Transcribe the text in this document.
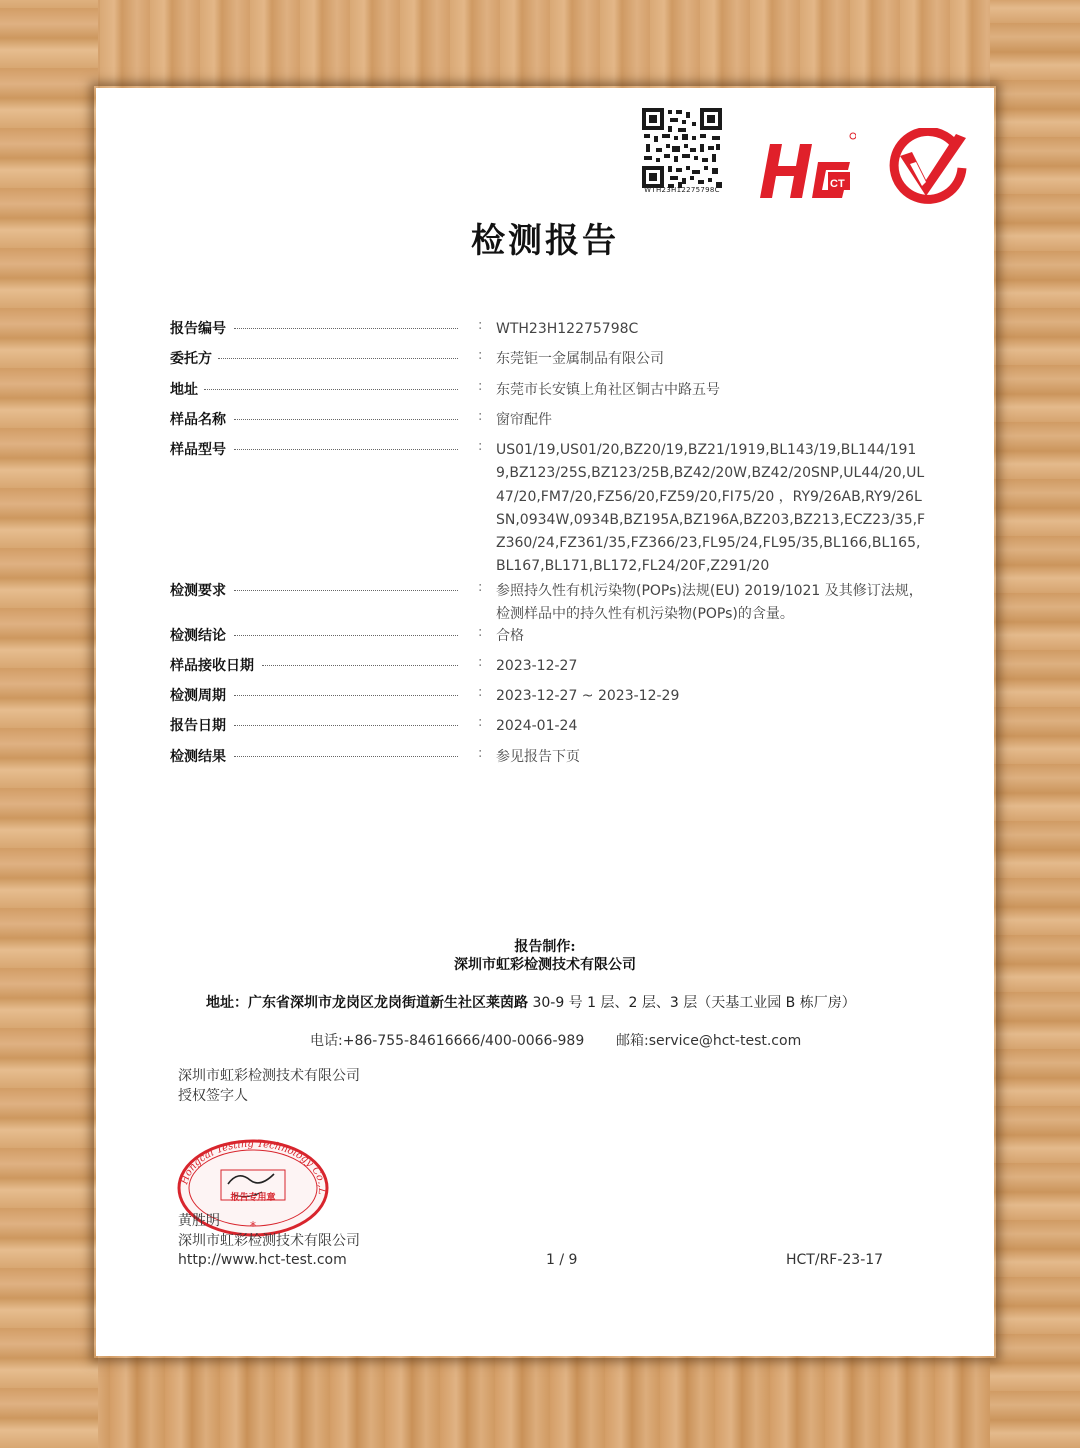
WTH23H12275798C	CT
检测报告
报告编号	: WTH23H12275798C
委托方	: 东莞钜一金属制品有限公司
地址	: 东莞市长安镇上角社区铜古中路五号
样品名称	: 窗帘配件
样品型号	: US01/19,US01/20,BZ20/19,BZ21/1919,BL143/19,BL144/1919,BZ123/25S,BZ123/25B,BZ42/20W,BZ42/20SNP,UL44/20,UL47/20,FM7/20,FZ56/20,FZ59/20,FI75/20 ，RY9/26AB,RY9/26LSN,0934W,0934B,BZ195A,BZ196A,BZ203,BZ213,ECZ23/35,FZ360/24,FZ361/35,FZ366/23,FL95/24,FL95/35,BL166,BL165,BL167,BL171,BL172,FL24/20F,Z291/20
检测要求	: 参照持久性有机污染物(POPs)法规(EU) 2019/1021 及其修订法规，检测样品中的持久性有机污染物(POPs)的含量。
检测结论	: 合格
样品接收日期	: 2023-12-27
检测周期	: 2023-12-27 ~ 2023-12-29
报告日期	: 2024-01-24
检测结果	: 参见报告下页
报告制作:
深圳市虹彩检测技术有限公司
地址：广东省深圳市龙岗区龙岗街道新生社区莱茵路 30-9 号 1 层、2 层、3 层（天基工业园 B 栋厂房）
电话:+86-755-84616666/400-0066-989 邮箱:service@hct-test.com
深圳市虹彩检测技术有限公司
授权签字人
Hongcai Testing Technology Co.,L
报告专用章
*
黄胜明
深圳市虹彩检测技术有限公司
http://www.hct-test.com	1 / 9	HCT/RF-23-17
